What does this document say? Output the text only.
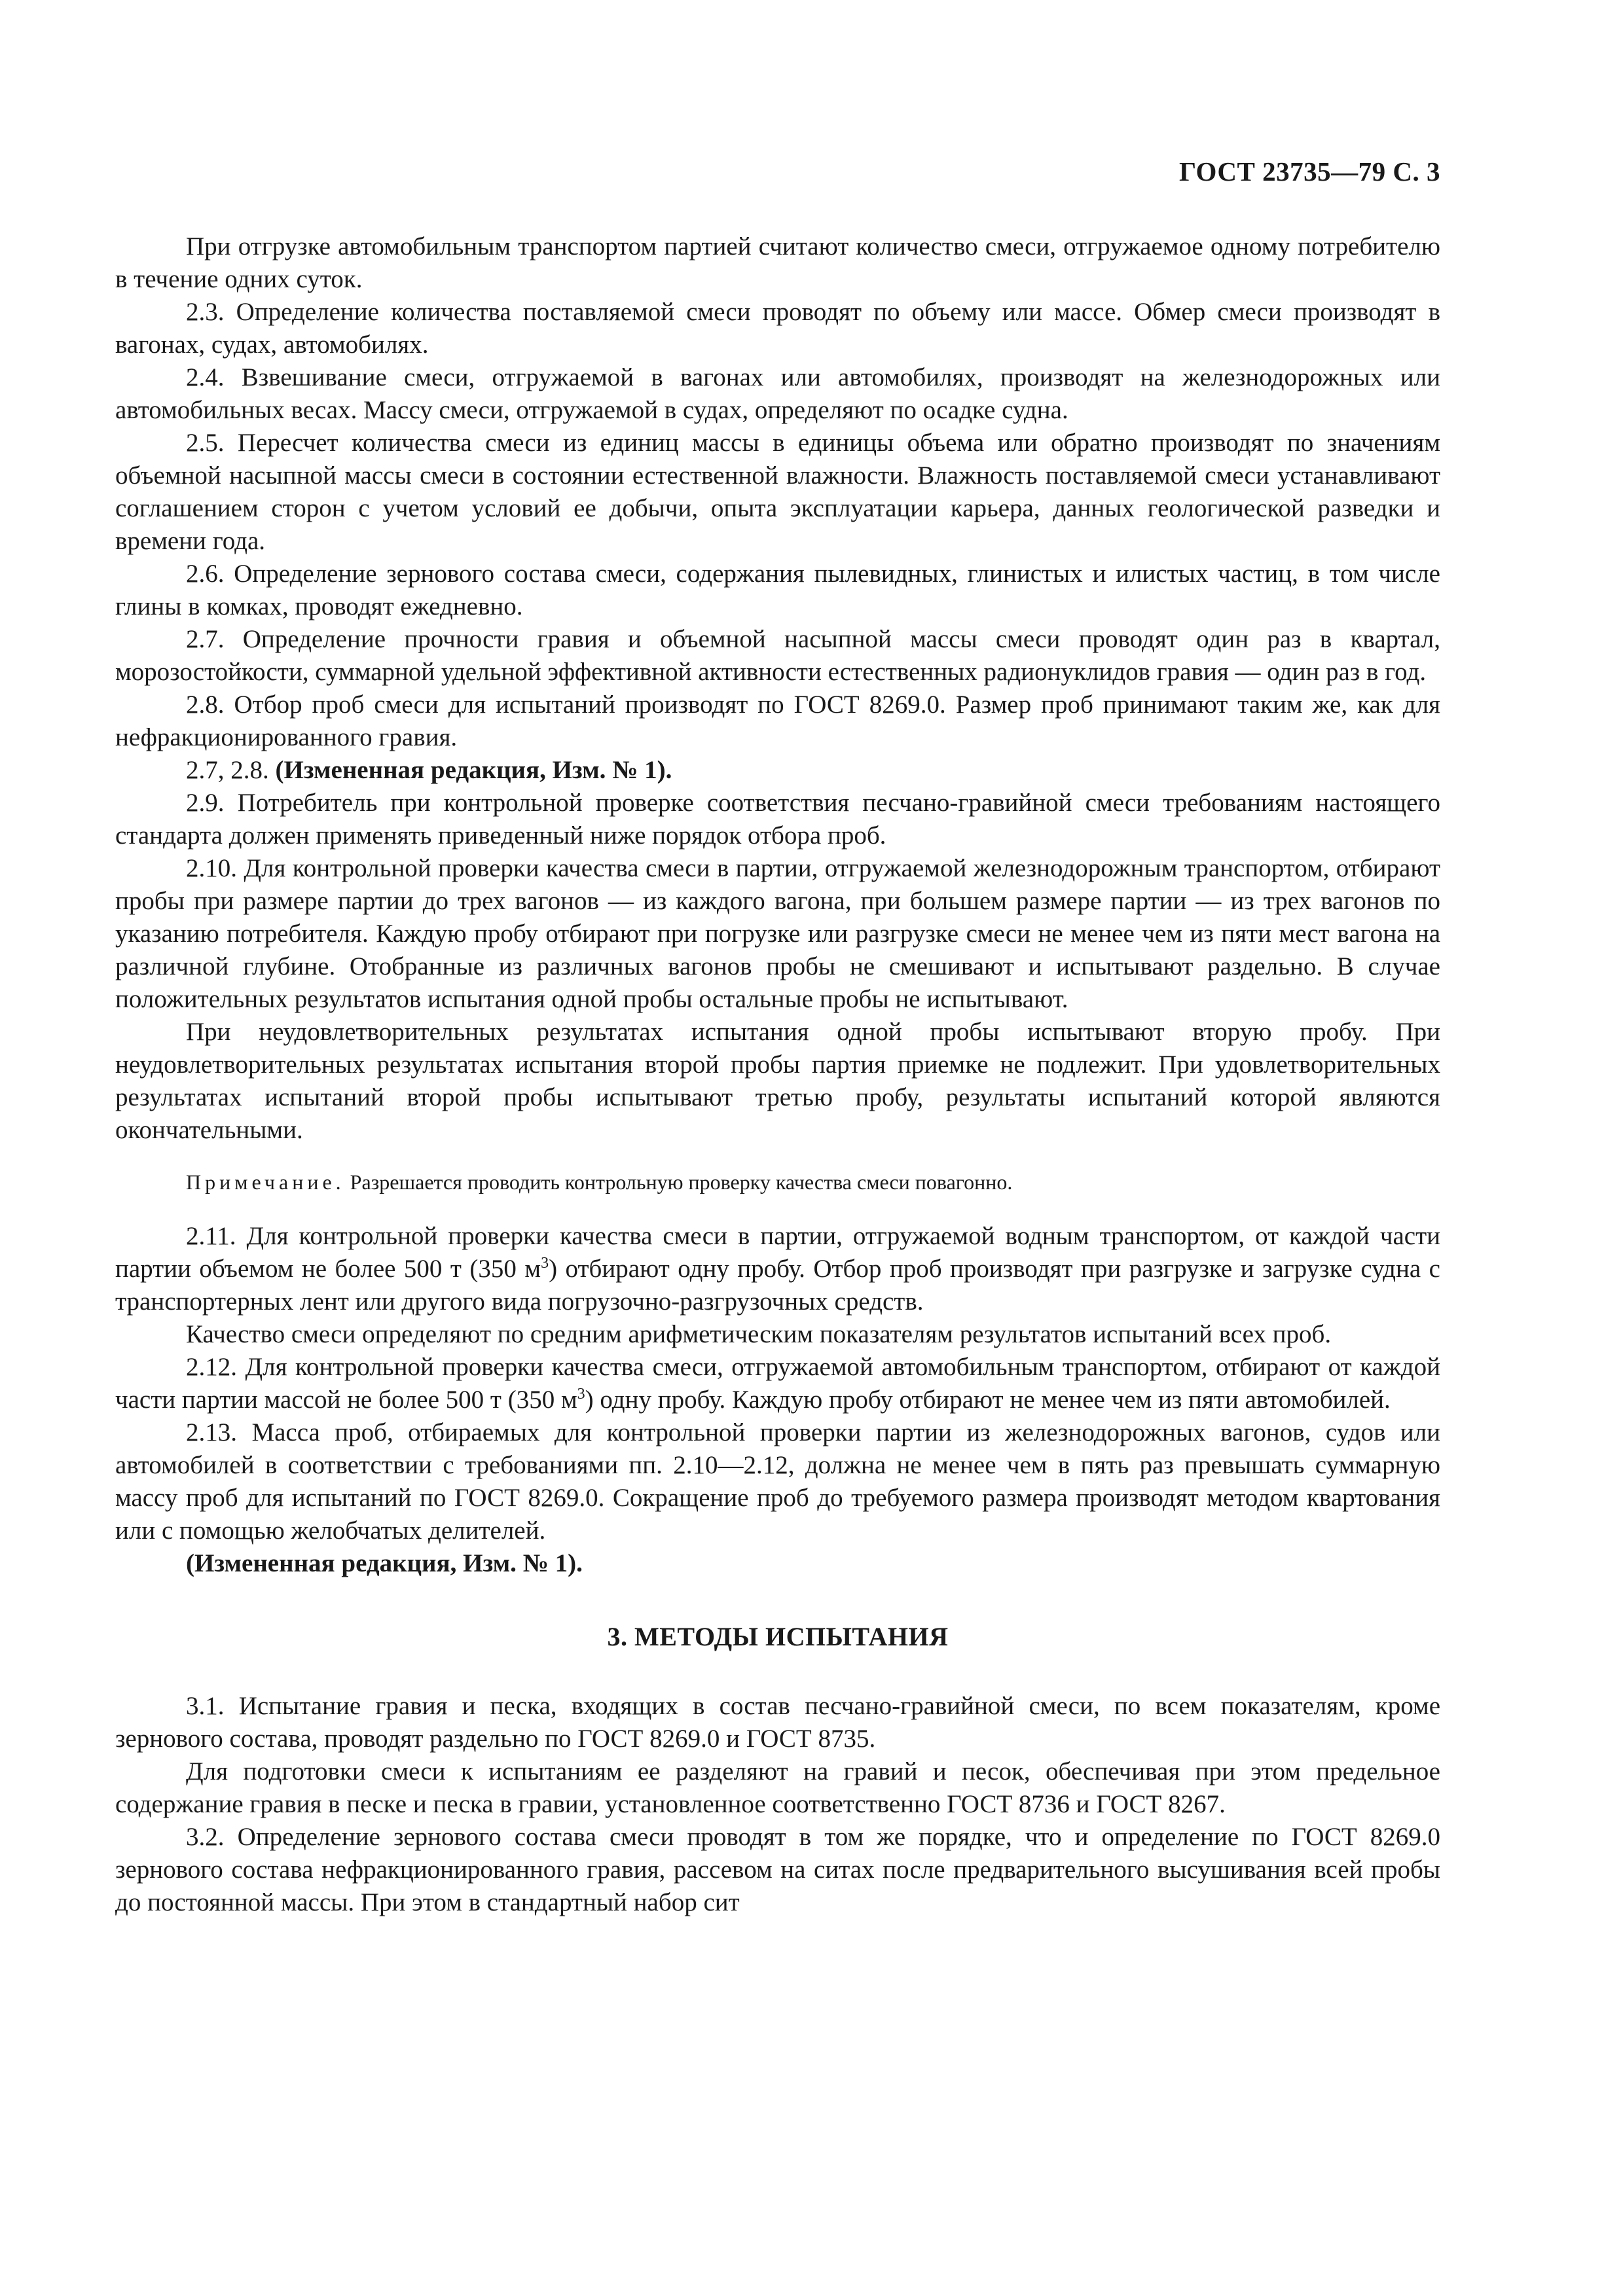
ГОСТ 23735—79 С. 3

При отгрузке автомобильным транспортом партией считают количество смеси, отгружаемое одному потребителю в течение одних суток.

2.3. Определение количества поставляемой смеси проводят по объему или массе. Обмер смеси производят в вагонах, судах, автомобилях.

2.4. Взвешивание смеси, отгружаемой в вагонах или автомобилях, производят на железнодорожных или автомобильных весах. Массу смеси, отгружаемой в судах, определяют по осадке судна.

2.5. Пересчет количества смеси из единиц массы в единицы объема или обратно производят по значениям объемной насыпной массы смеси в состоянии естественной влажности. Влажность поставляемой смеси устанавливают соглашением сторон с учетом условий ее добычи, опыта эксплуатации карьера, данных геологической разведки и времени года.

2.6. Определение зернового состава смеси, содержания пылевидных, глинистых и илистых частиц, в том числе глины в комках, проводят ежедневно.

2.7. Определение прочности гравия и объемной насыпной массы смеси проводят один раз в квартал, морозостойкости, суммарной удельной эффективной активности естественных радионуклидов гравия — один раз в год.

2.8. Отбор проб смеси для испытаний производят по ГОСТ 8269.0. Размер проб принимают таким же, как для нефракционированного гравия.

2.7, 2.8. (Измененная редакция, Изм. № 1).

2.9. Потребитель при контрольной проверке соответствия песчано-гравийной смеси требованиям настоящего стандарта должен применять приведенный ниже порядок отбора проб.

2.10. Для контрольной проверки качества смеси в партии, отгружаемой железнодорожным транспортом, отбирают пробы при размере партии до трех вагонов — из каждого вагона, при большем размере партии — из трех вагонов по указанию потребителя. Каждую пробу отбирают при погрузке или разгрузке смеси не менее чем из пяти мест вагона на различной глубине. Отобранные из различных вагонов пробы не смешивают и испытывают раздельно. В случае положительных результатов испытания одной пробы остальные пробы не испытывают.

При неудовлетворительных результатах испытания одной пробы испытывают вторую пробу. При неудовлетворительных результатах испытания второй пробы партия приемке не подлежит. При удовлетворительных результатах испытаний второй пробы испытывают третью пробу, результаты испытаний которой являются окончательными.

Примечание. Разрешается проводить контрольную проверку качества смеси повагонно.

2.11. Для контрольной проверки качества смеси в партии, отгружаемой водным транспортом, от каждой части партии объемом не более 500 т (350 $м^3$) отбирают одну пробу. Отбор проб производят при разгрузке и загрузке судна с транспортерных лент или другого вида погрузочно-разгрузочных средств.

Качество смеси определяют по средним арифметическим показателям результатов испытаний всех проб.

2.12. Для контрольной проверки качества смеси, отгружаемой автомобильным транспортом, отбирают от каждой части партии массой не более 500 т (350 $м^3$) одну пробу. Каждую пробу отбирают не менее чем из пяти автомобилей.

2.13. Масса проб, отбираемых для контрольной проверки партии из железнодорожных вагонов, судов или автомобилей в соответствии с требованиями пп. 2.10—2.12, должна не менее чем в пять раз превышать суммарную массу проб для испытаний по ГОСТ 8269.0. Сокращение проб до требуемого размера производят методом квартования или с помощью желобчатых делителей.

(Измененная редакция, Изм. № 1).

3. МЕТОДЫ ИСПЫТАНИЯ

3.1. Испытание гравия и песка, входящих в состав песчано-гравийной смеси, по всем показателям, кроме зернового состава, проводят раздельно по ГОСТ 8269.0 и ГОСТ 8735.

Для подготовки смеси к испытаниям ее разделяют на гравий и песок, обеспечивая при этом предельное содержание гравия в песке и песка в гравии, установленное соответственно ГОСТ 8736 и ГОСТ 8267.

3.2. Определение зернового состава смеси проводят в том же порядке, что и определение по ГОСТ 8269.0 зернового состава нефракционированного гравия, рассевом на ситах после предварительного высушивания всей пробы до постоянной массы. При этом в стандартный набор сит
